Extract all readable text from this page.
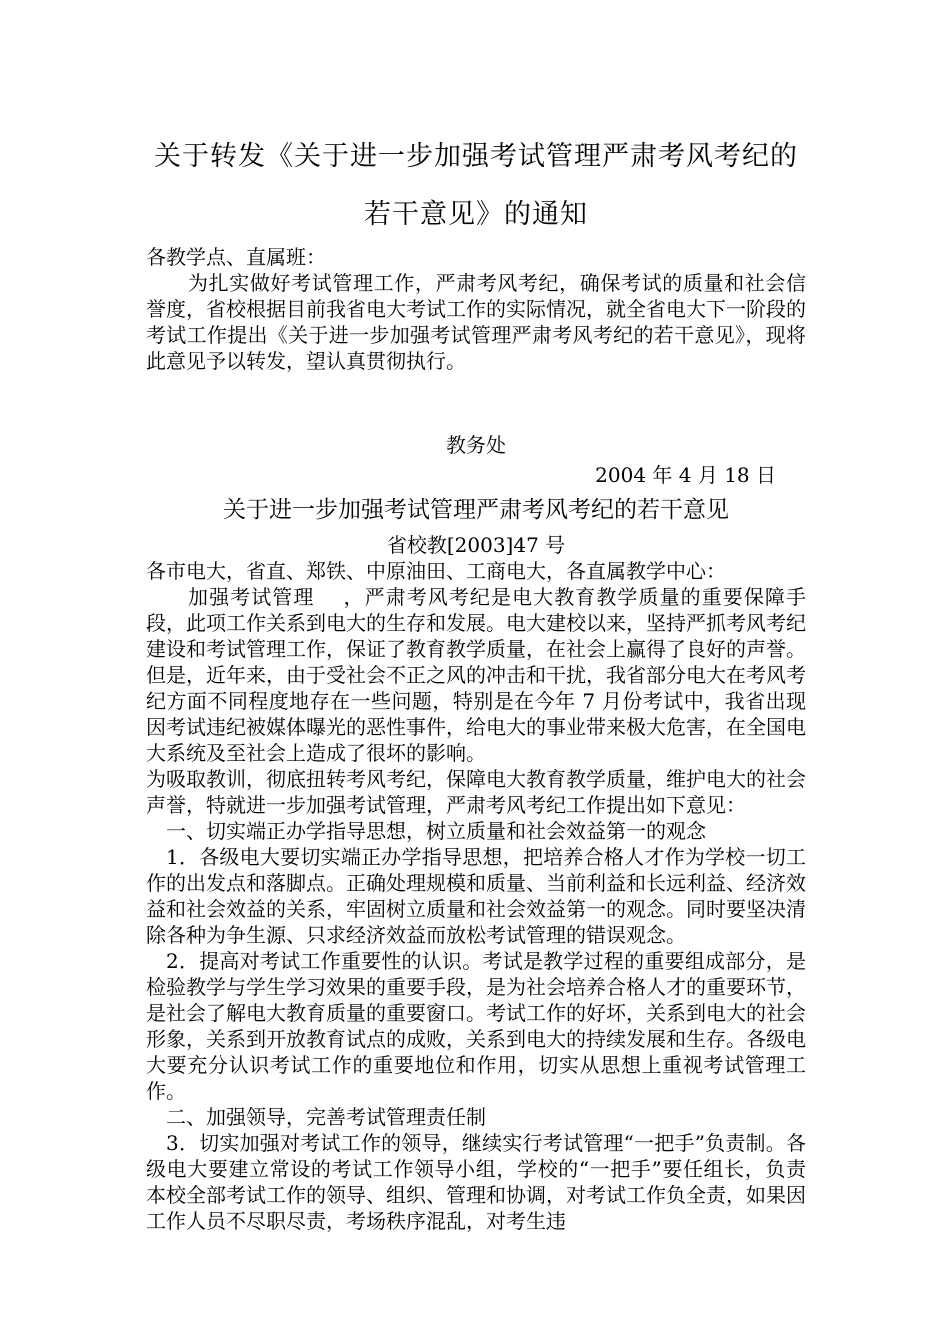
关于转发《关于进一步加强考试管理严肃考风考纪的
若干意见》的通知

各教学点、直属班：

为扎实做好考试管理工作，严肃考风考纪，确保考试的质量和社会信誉度，省校根据目前我省电大考试工作的实际情况，就全省电大下一阶段的考试工作提出《关于进一步加强考试管理严肃考风考纪的若干意见》，现将此意见予以转发，望认真贯彻执行。

教务处

2004 年 4 月 18 日

关于进一步加强考试管理严肃考风考纪的若干意见

省校教[2003]47 号

各市电大，省直、郑铁、中原油田、工商电大，各直属教学中心：

加强考试管理 ，严肃考风考纪是电大教育教学质量的重要保障手段，此项工作关系到电大的生存和发展。电大建校以来，坚持严抓考风考纪建设和考试管理工作，保证了教育教学质量，在社会上赢得了良好的声誉。但是，近年来，由于受社会不正之风的冲击和干扰，我省部分电大在考风考纪方面不同程度地存在一些问题，特别是在今年 7 月份考试中，我省出现因考试违纪被媒体曝光的恶性事件，给电大的事业带来极大危害，在全国电大系统及至社会上造成了很坏的影响。

为吸取教训，彻底扭转考风考纪，保障电大教育教学质量，维护电大的社会声誉，特就进一步加强考试管理，严肃考风考纪工作提出如下意见：

一、切实端正办学指导思想，树立质量和社会效益第一的观念

1．各级电大要切实端正办学指导思想，把培养合格人才作为学校一切工作的出发点和落脚点。正确处理规模和质量、当前利益和长远利益、经济效益和社会效益的关系，牢固树立质量和社会效益第一的观念。同时要坚决清除各种为争生源、只求经济效益而放松考试管理的错误观念。

2．提高对考试工作重要性的认识。考试是教学过程的重要组成部分，是检验教学与学生学习效果的重要手段，是为社会培养合格人才的重要环节，是社会了解电大教育质量的重要窗口。考试工作的好坏，关系到电大的社会形象，关系到开放教育试点的成败，关系到电大的持续发展和生存。各级电大要充分认识考试工作的重要地位和作用，切实从思想上重视考试管理工作。

二、加强领导，完善考试管理责任制

3．切实加强对考试工作的领导，继续实行考试管理“一把手”负责制。各级电大要建立常设的考试工作领导小组，学校的“一把手”要任组长，负责本校全部考试工作的领导、组织、管理和协调，对考试工作负全责，如果因工作人员不尽职尽责，考场秩序混乱，对考生违
